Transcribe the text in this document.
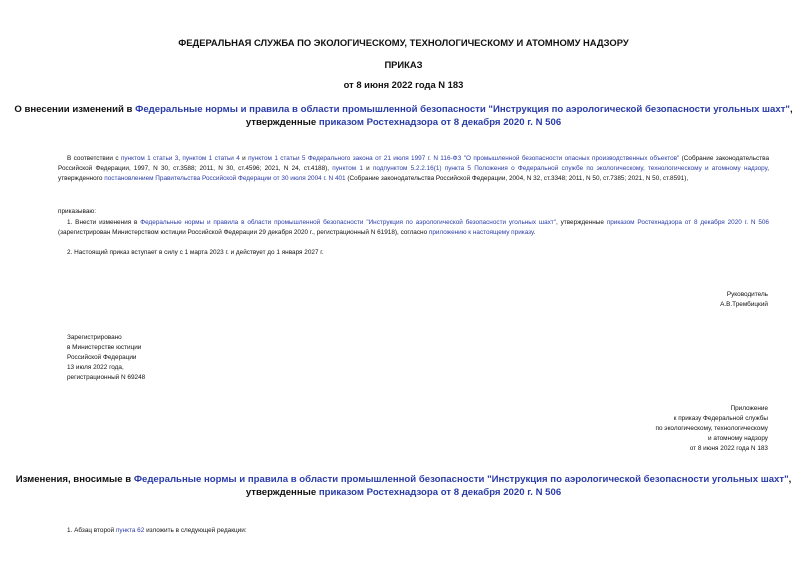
ФЕДЕРАЛЬНАЯ СЛУЖБА ПО ЭКОЛОГИЧЕСКОМУ, ТЕХНОЛОГИЧЕСКОМУ И АТОМНОМУ НАДЗОРУ
ПРИКАЗ
от 8 июня 2022 года N 183
О внесении изменений в Федеральные нормы и правила в области промышленной безопасности "Инструкция по аэрологической безопасности угольных шахт",
утвержденные приказом Ростехнадзора от 8 декабря 2020 г. N 506
В соответствии с пунктом 1 статьи 3, пунктом 1 статьи 4 и пунктом 1 статьи 5 Федерального закона от 21 июля 1997 г. N 116-ФЗ "О промышленной безопасности опасных производственных объектов" (Собрание законодательства Российской Федерации, 1997, N 30, ст.3588; 2011, N 30, ст.4596; 2021, N 24, ст.4188), пунктом 1 и подпунктом 5.2.2.16(1) пункта 5 Положения о Федеральной службе по экологическому, технологическому и атомному надзору, утвержденного постановлением Правительства Российской Федерации от 30 июля 2004 г. N 401 (Собрание законодательства Российской Федерации, 2004, N 32, ст.3348; 2011, N 50, ст.7385; 2021, N 50, ст.8591),
приказываю:
1. Внести изменения в Федеральные нормы и правила в области промышленной безопасности "Инструкция по аэрологической безопасности угольных шахт", утвержденные приказом Ростехнадзора от 8 декабря 2020 г. N 506 (зарегистрирован Министерством юстиции Российской Федерации 29 декабря 2020 г., регистрационный N 61918), согласно приложению к настоящему приказу.
2. Настоящий приказ вступает в силу с 1 марта 2023 г. и действует до 1 января 2027 г.
Руководитель
А.В.Трембицкий
Зарегистрировано
в Министерстве юстиции
Российской Федерации
13 июля 2022 года,
регистрационный N 69248
Приложение
к приказу Федеральной службы
по экологическому, технологическому
и атомному надзору
от 8 июня 2022 года N 183
Изменения, вносимые в Федеральные нормы и правила в области промышленной безопасности "Инструкция по аэрологической безопасности угольных шахт",
утвержденные приказом Ростехнадзора от 8 декабря 2020 г. N 506
1. Абзац второй пункта 62 изложить в следующей редакции:
